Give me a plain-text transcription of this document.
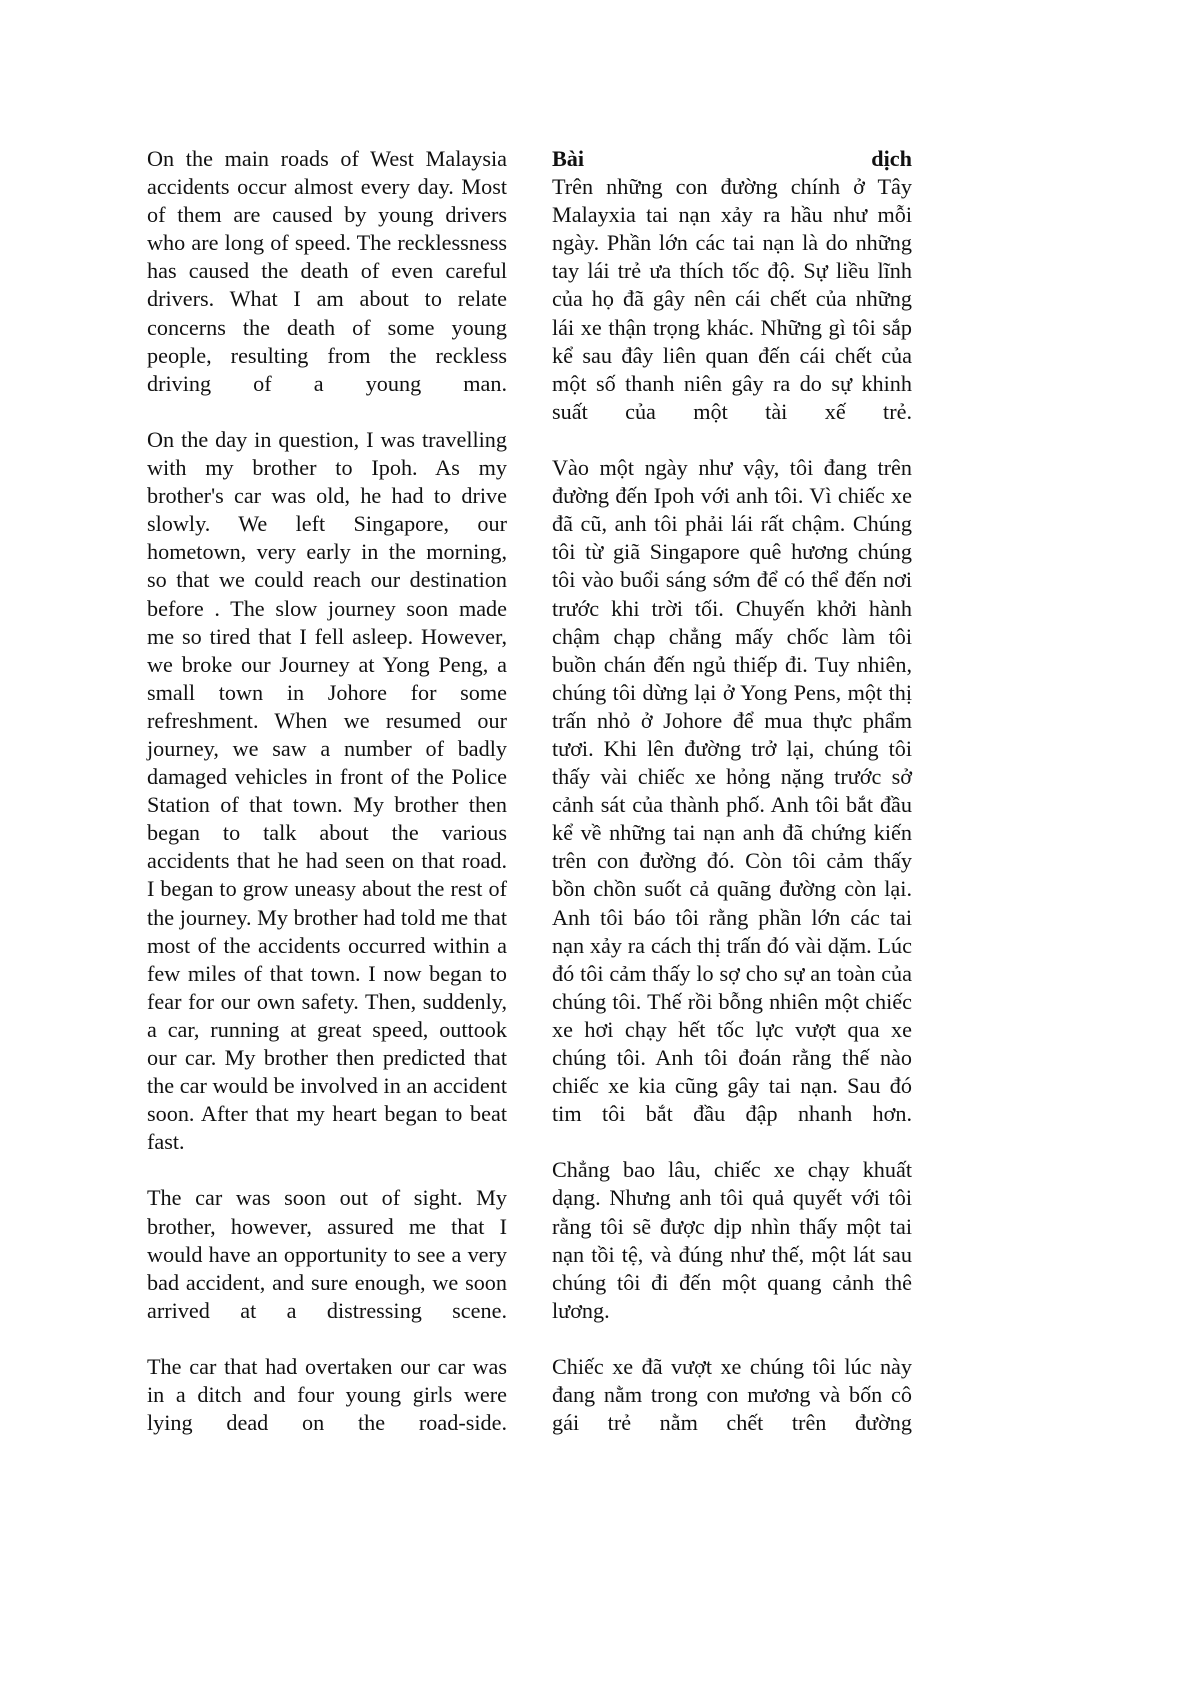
On the main roads of West Malaysia accidents occur almost every day. Most of them are caused by young drivers who are long of speed. The recklessness has caused the death of even careful drivers. What I am about to relate concerns the death of some young people, resulting from the reckless driving of a young man.

On the day in question, I was travelling with my brother to Ipoh. As my brother's car was old, he had to drive slowly. We left Singapore, our hometown, very early in the morning, so that we could reach our destination before . The slow journey soon made me so tired that I fell asleep. However, we broke our Journey at Yong Peng, a small town in Johore for some refreshment. When we resumed our journey, we saw a number of badly damaged vehicles in front of the Police Station of that town. My brother then began to talk about the various accidents that he had seen on that road. I began to grow uneasy about the rest of the journey. My brother had told me that most of the accidents occurred within a few miles of that town. I now began to fear for our own safety. Then, suddenly, a car, running at great speed, outtook our car. My brother then predicted that the car would be involved in an accident soon. After that my heart began to beat fast.

The car was soon out of sight. My brother, however, assured me that I would have an opportunity to see a very bad accident, and sure enough, we soon arrived at a distressing scene.

The car that had overtaken our car was in a ditch and four young girls were lying dead on the road-side.

Bài dịch

Trên những con đường chính ở Tây Malayxia tai nạn xảy ra hầu như mỗi ngày. Phần lớn các tai nạn là do những tay lái trẻ ưa thích tốc độ. Sự liều lĩnh của họ đã gây nên cái chết của những lái xe thận trọng khác. Những gì tôi sắp kể sau đây liên quan đến cái chết của một số thanh niên gây ra do sự khinh suất của một tài xế trẻ.

Vào một ngày như vậy, tôi đang trên đường đến Ipoh với anh tôi. Vì chiếc xe đã cũ, anh tôi phải lái rất chậm. Chúng tôi từ giã Singapore quê hương chúng tôi vào buổi sáng sớm để có thể đến nơi trước khi trời tối. Chuyến khởi hành chậm chạp chẳng mấy chốc làm tôi buồn chán đến ngủ thiếp đi. Tuy nhiên, chúng tôi dừng lại ở Yong Pens, một thị trấn nhỏ ở Johore để mua thực phẩm tươi. Khi lên đường trở lại, chúng tôi thấy vài chiếc xe hỏng nặng trước sở cảnh sát của thành phố. Anh tôi bắt đầu kể về những tai nạn anh đã chứng kiến trên con đường đó. Còn tôi cảm thấy bồn chồn suốt cả quãng đường còn lại. Anh tôi báo tôi rằng phần lớn các tai nạn xảy ra cách thị trấn đó vài dặm. Lúc đó tôi cảm thấy lo sợ cho sự an toàn của chúng tôi. Thế rồi bỗng nhiên một chiếc xe hơi chạy hết tốc lực vượt qua xe chúng tôi. Anh tôi đoán rằng thế nào chiếc xe kia cũng gây tai nạn. Sau đó tim tôi bắt đầu đập nhanh hơn.

Chẳng bao lâu, chiếc xe chạy khuất dạng. Nhưng anh tôi quả quyết với tôi rằng tôi sẽ được dịp nhìn thấy một tai nạn tồi tệ, và đúng như thế, một lát sau chúng tôi đi đến một quang cảnh thê lương.

Chiếc xe đã vượt xe chúng tôi lúc này đang nằm trong con mương và bốn cô gái trẻ nằm chết trên đường
